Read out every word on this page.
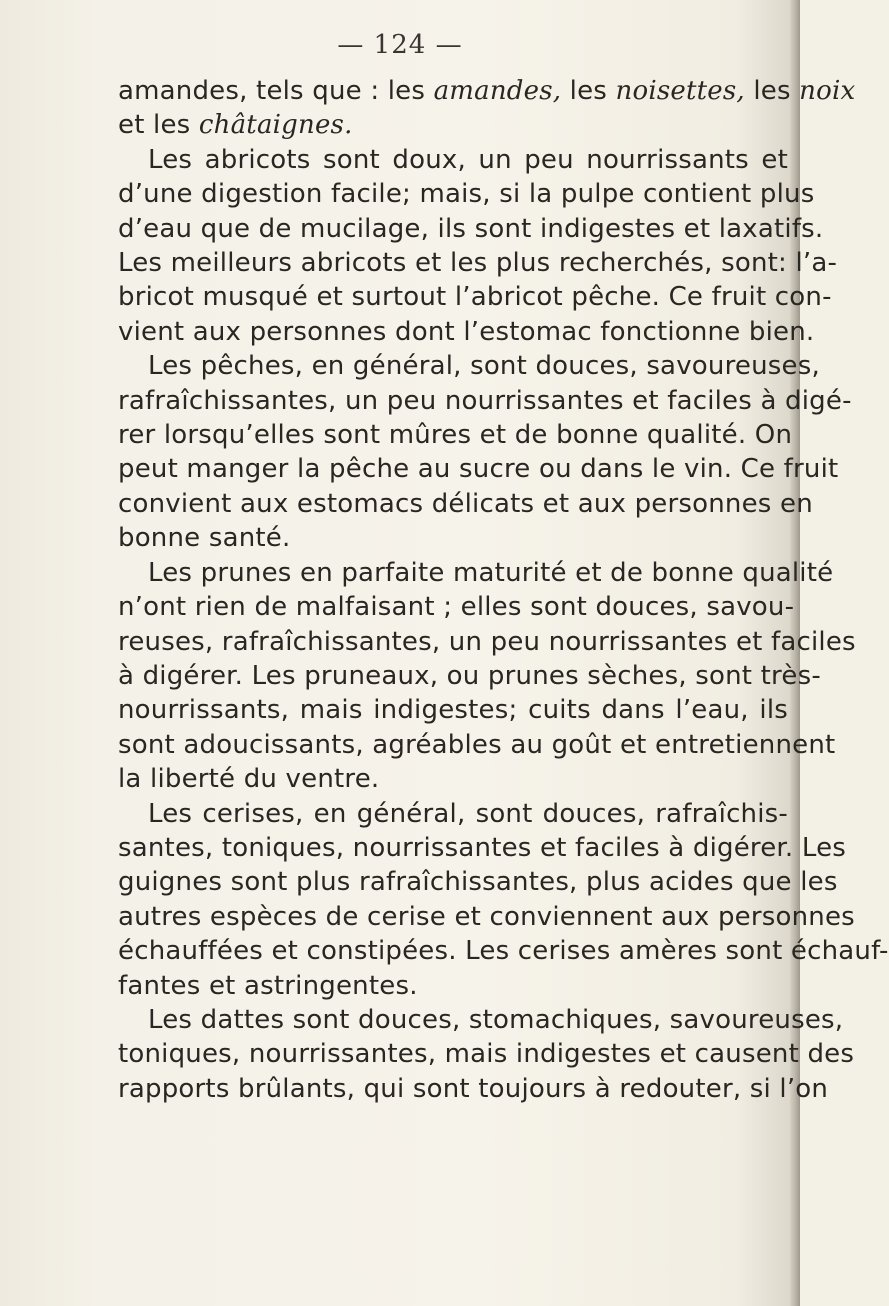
— 124 —
amandes, tels que : les amandes, les noisettes, les noix
et les châtaignes.
Les abricots sont doux, un peu nourrissants et
d’une digestion facile; mais, si la pulpe contient plus
d’eau que de mucilage, ils sont indigestes et laxatifs.
Les meilleurs abricots et les plus recherchés, sont: l’a-
bricot musqué et surtout l’abricot pêche. Ce fruit con-
vient aux personnes dont l’estomac fonctionne bien.
Les pêches, en général, sont douces, savoureuses,
rafraîchissantes, un peu nourrissantes et faciles à digé-
rer lorsqu’elles sont mûres et de bonne qualité. On
peut manger la pêche au sucre ou dans le vin. Ce fruit
convient aux estomacs délicats et aux personnes en
bonne santé.
Les prunes en parfaite maturité et de bonne qualité
n’ont rien de malfaisant ; elles sont douces, savou-
reuses, rafraîchissantes, un peu nourrissantes et faciles
à digérer. Les pruneaux, ou prunes sèches, sont très-
nourrissants, mais indigestes; cuits dans l’eau, ils
sont adoucissants, agréables au goût et entretiennent
la liberté du ventre.
Les cerises, en général, sont douces, rafraîchis-
santes, toniques, nourrissantes et faciles à digérer. Les
guignes sont plus rafraîchissantes, plus acides que les
autres espèces de cerise et conviennent aux personnes
échauffées et constipées. Les cerises amères sont échauf-
fantes et astringentes.
Les dattes sont douces, stomachiques, savoureuses,
toniques, nourrissantes, mais indigestes et causent des
rapports brûlants, qui sont toujours à redouter, si l’on
